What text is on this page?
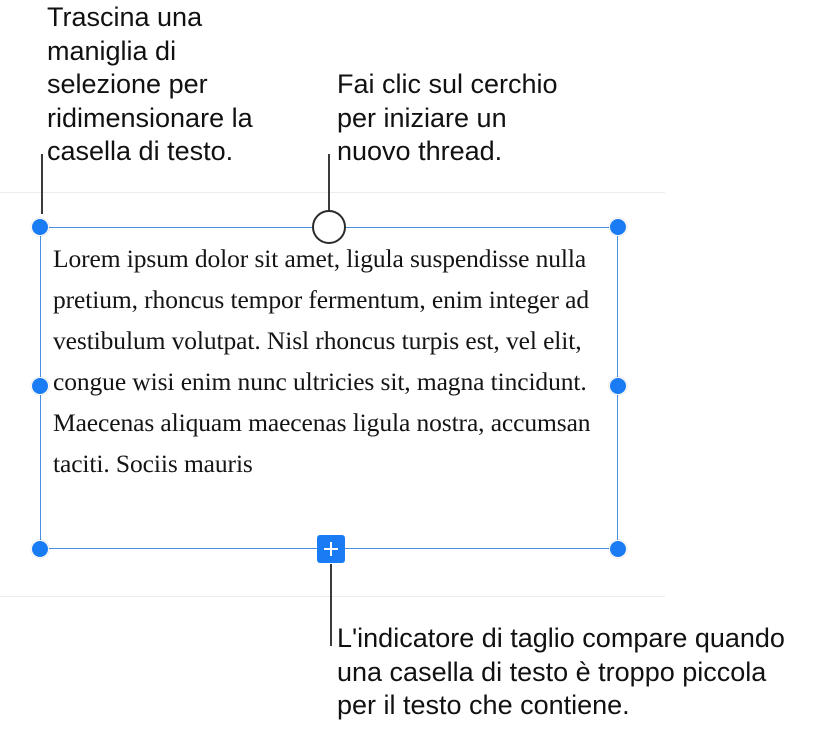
Trascina una
maniglia di
selezione per
ridimensionare la
casella di testo.

Fai clic sul cerchio
per iniziare un
nuovo thread.

Lorem ipsum dolor sit amet, ligula suspendisse nulla pretium, rhoncus tempor fermentum, enim integer ad vestibulum volutpat. Nisl rhoncus turpis est, vel elit, congue wisi enim nunc ultricies sit, magna tincidunt. Maecenas aliquam maecenas ligula nostra, accumsan taciti. Sociis mauris

L'indicatore di taglio compare quando
una casella di testo è troppo piccola
per il testo che contiene.
